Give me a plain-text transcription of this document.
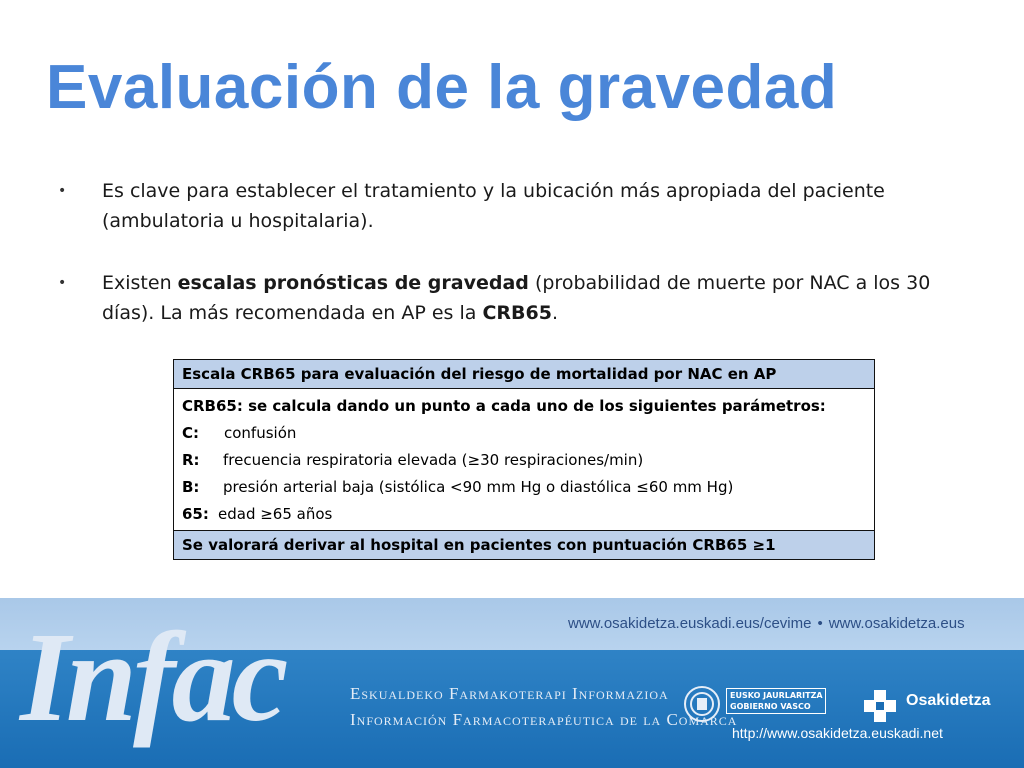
Evaluación de la gravedad
• Es clave para establecer el tratamiento y la ubicación más apropiada del paciente (ambulatoria u hospitalaria).
• Existen escalas pronósticas de gravedad (probabilidad de muerte por NAC a los 30 días). La más recomendada en AP es la CRB65.
Escala CRB65 para evaluación del riesgo de mortalidad por NAC en AP

CRB65: se calcula dando un punto a cada uno de los siguientes parámetros:
C: confusión
R: frecuencia respiratoria elevada (≥30 respiraciones/min)
B: presión arterial baja (sistólica <90 mm Hg o diastólica ≤60 mm Hg)
65: edad ≥65 años

Se valorará derivar al hospital en pacientes con puntuación CRB65 ≥1
Infac	www.osakidetza.euskadi.eus/cevime • www.osakidetza.eus
Eskualdeko Farmakoterapi Informazioa
Información Farmacoterapéutica de la Comarca
EUSKO JAURLARITZA
GOBIERNO VASCO	Osakidetza
http://www.osakidetza.euskadi.net
